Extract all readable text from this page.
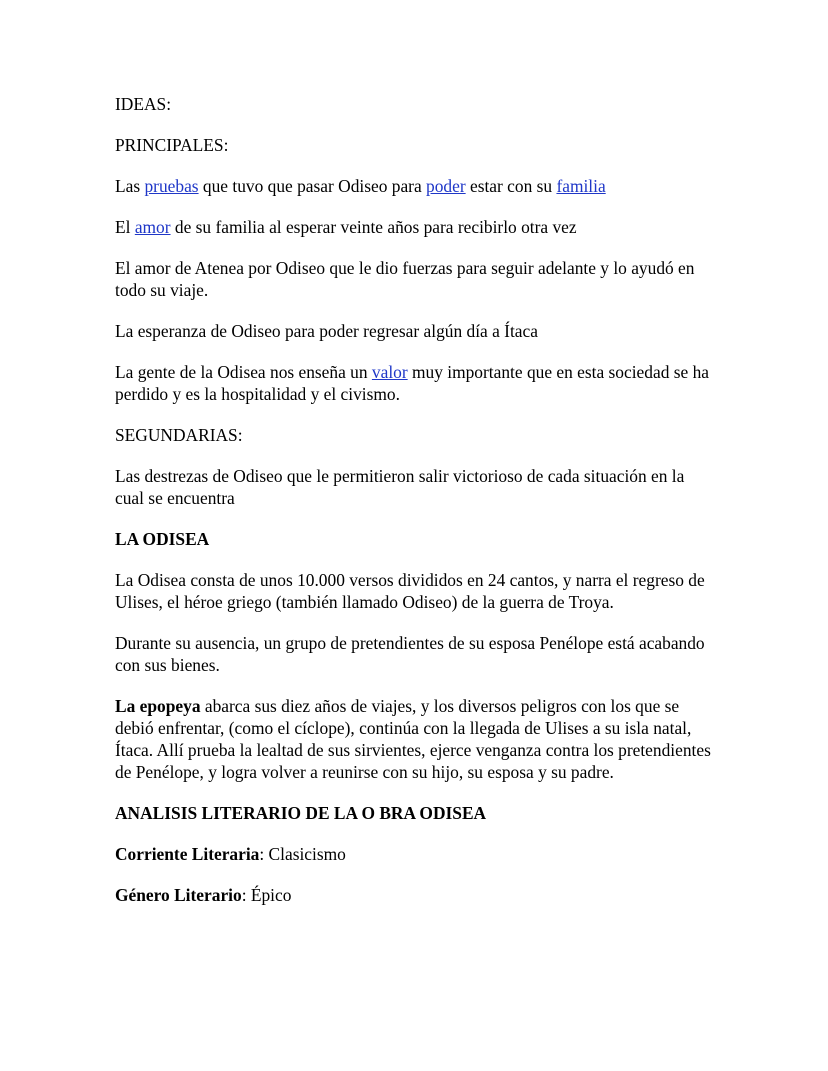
IDEAS:

PRINCIPALES:

Las pruebas que tuvo que pasar Odiseo para poder estar con su familia

El amor de su familia al esperar veinte años para recibirlo otra vez

El amor de Atenea por Odiseo que le dio fuerzas para seguir adelante y lo ayudó en todo su viaje.

La esperanza de Odiseo para poder regresar algún día a Ítaca

La gente de la Odisea nos enseña un valor muy importante que en esta sociedad se ha perdido y es la hospitalidad y el civismo.

SEGUNDARIAS:

Las destrezas de Odiseo que le permitieron salir victorioso de cada situación en la cual se encuentra

LA ODISEA

La Odisea consta de unos 10.000 versos divididos en 24 cantos, y narra el regreso de Ulises, el héroe griego (también llamado Odiseo) de la guerra de Troya.

Durante su ausencia, un grupo de pretendientes de su esposa Penélope está acabando con sus bienes.

La epopeya abarca sus diez años de viajes, y los diversos peligros con los que se debió enfrentar, (como el cíclope), continúa con la llegada de Ulises a su isla natal, Ítaca. Allí prueba la lealtad de sus sirvientes, ejerce venganza contra los pretendientes de Penélope, y logra volver a reunirse con su hijo, su esposa y su padre.

ANALISIS LITERARIO DE LA O BRA ODISEA

Corriente Literaria: Clasicismo

Género Literario: Épico
